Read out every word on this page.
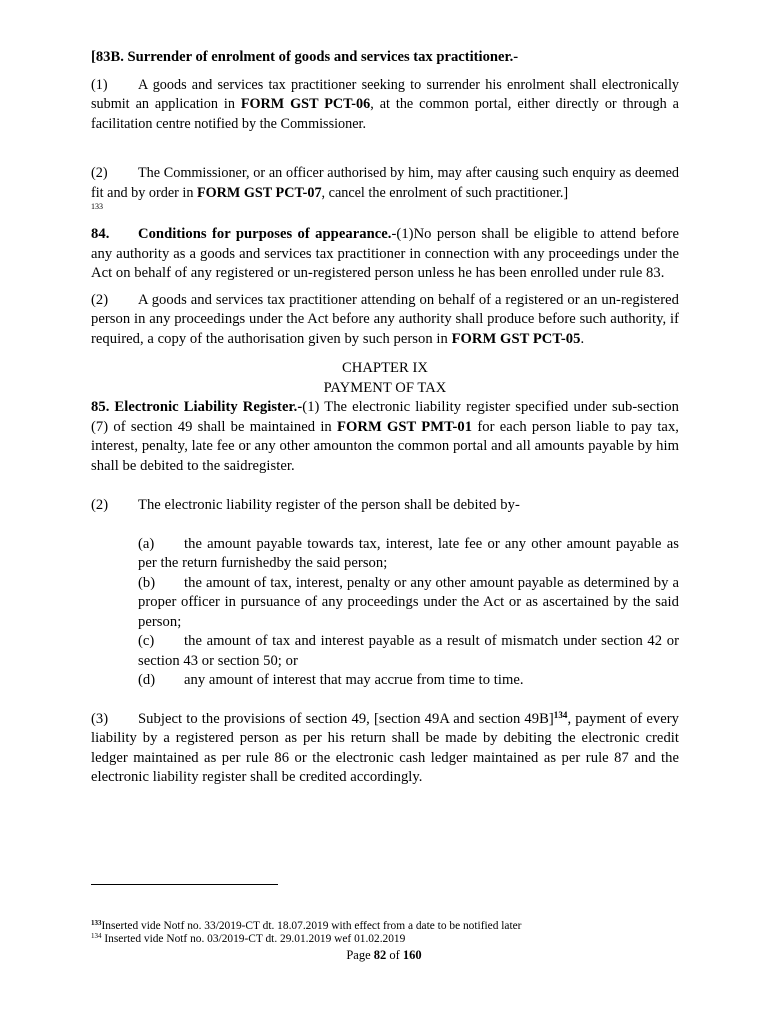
[83B. Surrender of enrolment of goods and services tax practitioner.-

(1) A goods and services tax practitioner seeking to surrender his enrolment shall electronically submit an application in FORM GST PCT-06, at the common portal, either directly or through a facilitation centre notified by the Commissioner.

(2) The Commissioner, or an officer authorised by him, may after causing such enquiry as deemed fit and by order in FORM GST PCT-07, cancel the enrolment of such practitioner.]

133

84. Conditions for purposes of appearance.-(1)No person shall be eligible to attend before any authority as a goods and services tax practitioner in connection with any proceedings under the Act on behalf of any registered or un-registered person unless he has been enrolled under rule 83.

(2) A goods and services tax practitioner attending on behalf of a registered or an un-registered person in any proceedings under the Act before any authority shall produce before such authority, if required, a copy of the authorisation given by such person in FORM GST PCT-05.

CHAPTER IX

PAYMENT OF TAX

85. Electronic Liability Register.-(1) The electronic liability register specified under sub-section (7) of section 49 shall be maintained in FORM GST PMT-01 for each person liable to pay tax, interest, penalty, late fee or any other amounton the common portal and all amounts payable by him shall be debited to the saidregister.

(2) The electronic liability register of the person shall be debited by-

(a) the amount payable towards tax, interest, late fee or any other amount payable as per the return furnishedby the said person;

(b) the amount of tax, interest, penalty or any other amount payable as determined by a proper officer in pursuance of any proceedings under the Act or as ascertained by the said person;

(c) the amount of tax and interest payable as a result of mismatch under section 42 or section 43 or section 50; or

(d) any amount of interest that may accrue from time to time.

(3) Subject to the provisions of section 49, [section 49A and section 49B]$^{134}$, payment of every liability by a registered person as per his return shall be made by debiting the electronic credit ledger maintained as per rule 86 or the electronic cash ledger maintained as per rule 87 and the electronic liability register shall be credited accordingly.

$^{133}$Inserted vide Notf no. 33/2019-CT dt. 18.07.2019 with effect from a date to be notified later
$^{134}$ Inserted vide Notf no. 03/2019-CT dt. 29.01.2019 wef 01.02.2019
Page 82 of 160
